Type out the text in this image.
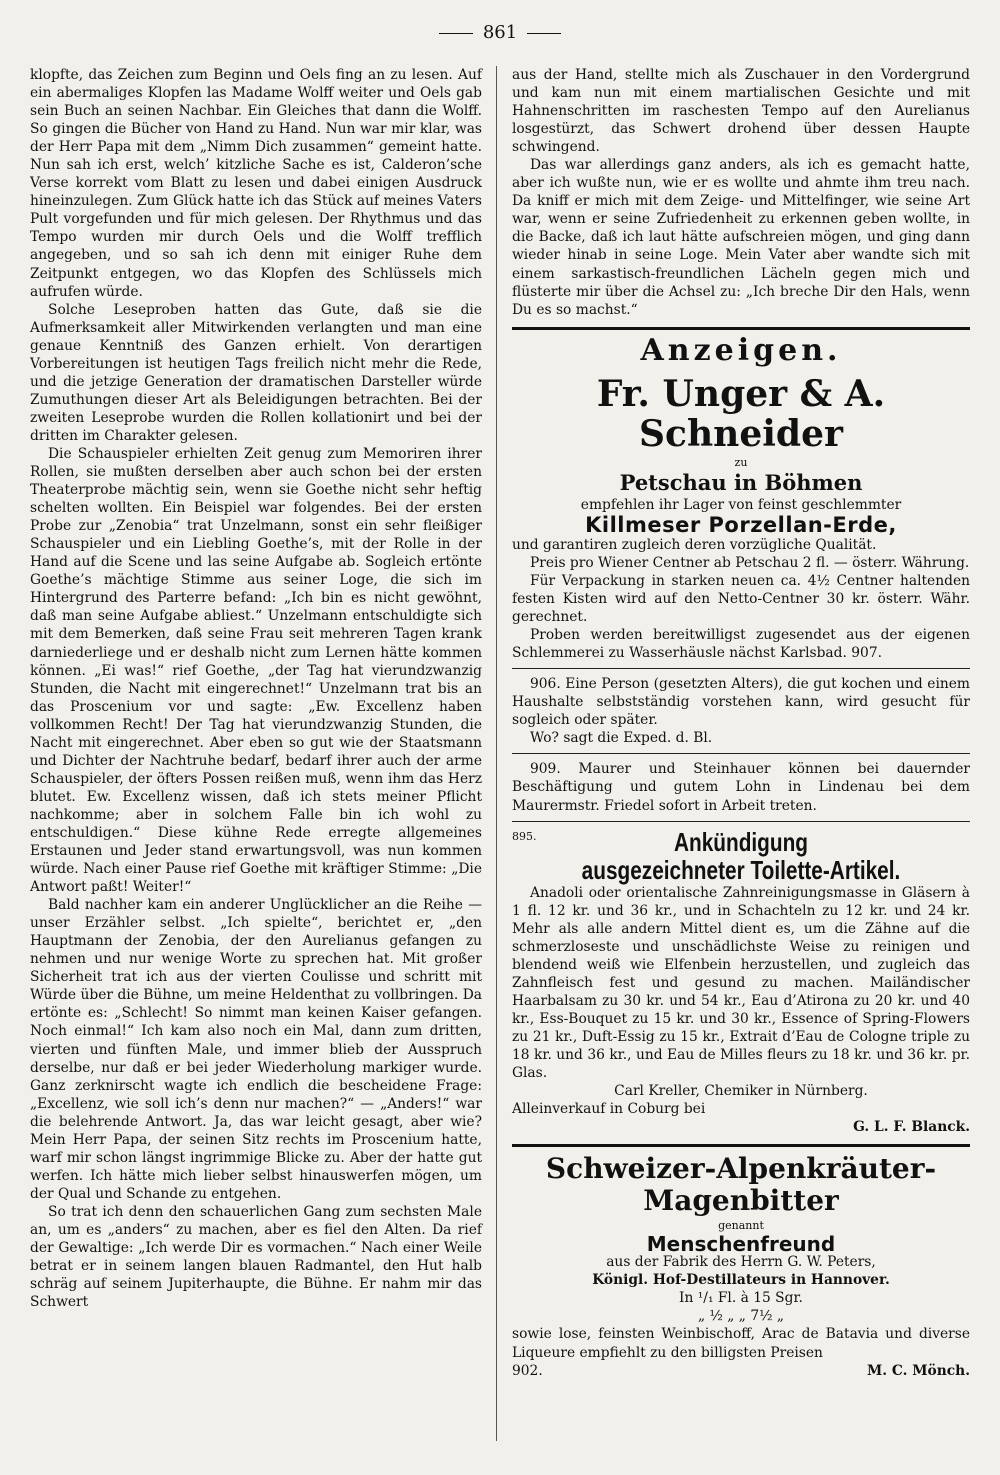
861

klopfte, das Zeichen zum Beginn und Oels fing an zu lesen. Auf ein abermaliges Klopfen las Madame Wolff weiter und Oels gab sein Buch an seinen Nachbar. Ein Gleiches that dann die Wolff. So gingen die Bücher von Hand zu Hand. Nun war mir klar, was der Herr Papa mit dem „Nimm Dich zusammen“ gemeint hatte. Nun sah ich erst, welch’ kitzliche Sache es ist, Calderon’sche Verse korrekt vom Blatt zu lesen und dabei einigen Ausdruck hineinzulegen. Zum Glück hatte ich das Stück auf meines Vaters Pult vorgefunden und für mich gelesen. Der Rhythmus und das Tempo wurden mir durch Oels und die Wolff trefflich angegeben, und so sah ich denn mit einiger Ruhe dem Zeitpunkt entgegen, wo das Klopfen des Schlüssels mich aufrufen würde.

Solche Leseproben hatten das Gute, daß sie die Aufmerksamkeit aller Mitwirkenden verlangten und man eine genaue Kenntniß des Ganzen erhielt. Von derartigen Vorbereitungen ist heutigen Tags freilich nicht mehr die Rede, und die jetzige Generation der dramatischen Darsteller würde Zumuthungen dieser Art als Beleidigungen betrachten. Bei der zweiten Leseprobe wurden die Rollen kollationirt und bei der dritten im Charakter gelesen.

Die Schauspieler erhielten Zeit genug zum Memoriren ihrer Rollen, sie mußten derselben aber auch schon bei der ersten Theaterprobe mächtig sein, wenn sie Goethe nicht sehr heftig schelten wollten. Ein Beispiel war folgendes. Bei der ersten Probe zur „Zenobia“ trat Unzelmann, sonst ein sehr fleißiger Schauspieler und ein Liebling Goethe’s, mit der Rolle in der Hand auf die Scene und las seine Aufgabe ab. Sogleich ertönte Goethe’s mächtige Stimme aus seiner Loge, die sich im Hintergrund des Parterre befand: „Ich bin es nicht gewöhnt, daß man seine Aufgabe abliest.“ Unzelmann entschuldigte sich mit dem Bemerken, daß seine Frau seit mehreren Tagen krank darniederliege und er deshalb nicht zum Lernen hätte kommen können. „Ei was!“ rief Goethe, „der Tag hat vierundzwanzig Stunden, die Nacht mit eingerechnet!“ Unzelmann trat bis an das Proscenium vor und sagte: „Ew. Excellenz haben vollkommen Recht! Der Tag hat vierundzwanzig Stunden, die Nacht mit eingerechnet. Aber eben so gut wie der Staatsmann und Dichter der Nachtruhe bedarf, bedarf ihrer auch der arme Schauspieler, der öfters Possen reißen muß, wenn ihm das Herz blutet. Ew. Excellenz wissen, daß ich stets meiner Pflicht nachkomme; aber in solchem Falle bin ich wohl zu entschuldigen.“ Diese kühne Rede erregte allgemeines Erstaunen und Jeder stand erwartungsvoll, was nun kommen würde. Nach einer Pause rief Goethe mit kräftiger Stimme: „Die Antwort paßt! Weiter!“

Bald nachher kam ein anderer Unglücklicher an die Reihe — unser Erzähler selbst. „Ich spielte“, berichtet er, „den Hauptmann der Zenobia, der den Aurelianus gefangen zu nehmen und nur wenige Worte zu sprechen hat. Mit großer Sicherheit trat ich aus der vierten Coulisse und schritt mit Würde über die Bühne, um meine Heldenthat zu vollbringen. Da ertönte es: „Schlecht! So nimmt man keinen Kaiser gefangen. Noch einmal!“ Ich kam also noch ein Mal, dann zum dritten, vierten und fünften Male, und immer blieb der Ausspruch derselbe, nur daß er bei jeder Wiederholung markiger wurde. Ganz zerknirscht wagte ich endlich die bescheidene Frage: „Excellenz, wie soll ich’s denn nur machen?“ — „Anders!“ war die belehrende Antwort. Ja, das war leicht gesagt, aber wie? Mein Herr Papa, der seinen Sitz rechts im Proscenium hatte, warf mir schon längst ingrimmige Blicke zu. Aber der hatte gut werfen. Ich hätte mich lieber selbst hinauswerfen mögen, um der Qual und Schande zu entgehen.

So trat ich denn den schauerlichen Gang zum sechsten Male an, um es „anders“ zu machen, aber es fiel den Alten. Da rief der Gewaltige: „Ich werde Dir es vormachen.“ Nach einer Weile betrat er in seinem langen blauen Radmantel, den Hut halb schräg auf seinem Jupiterhaupte, die Bühne. Er nahm mir das Schwert

aus der Hand, stellte mich als Zuschauer in den Vordergrund und kam nun mit einem martialischen Gesichte und mit Hahnenschritten im raschesten Tempo auf den Aurelianus losgestürzt, das Schwert drohend über dessen Haupte schwingend.

Das war allerdings ganz anders, als ich es gemacht hatte, aber ich wußte nun, wie er es wollte und ahmte ihm treu nach. Da kniff er mich mit dem Zeige- und Mittelfinger, wie seine Art war, wenn er seine Zufriedenheit zu erkennen geben wollte, in die Backe, daß ich laut hätte aufschreien mögen, und ging dann wieder hinab in seine Loge. Mein Vater aber wandte sich mit einem sarkastisch-freundlichen Lächeln gegen mich und flüsterte mir über die Achsel zu: „Ich breche Dir den Hals, wenn Du es so machst.“

Anzeigen.
Fr. Unger & A. Schneider
zu
Petschau in Böhmen

empfehlen ihr Lager von feinst geschlemmter

Killmeser Porzellan-Erde,

und garantiren zugleich deren vorzügliche Qualität.

Preis pro Wiener Centner ab Petschau 2 fl. — österr. Währung.

Für Verpackung in starken neuen ca. 4½ Centner haltenden festen Kisten wird auf den Netto-Centner 30 kr. österr. Währ. gerechnet.

Proben werden bereitwilligst zugesendet aus der eigenen Schlemmerei zu Wasserhäusle nächst Karlsbad. 907.

906. Eine Person (gesetzten Alters), die gut kochen und einem Haushalte selbstständig vorstehen kann, wird gesucht für sogleich oder später.

Wo? sagt die Exped. d. Bl.

909. Maurer und Steinhauer können bei dauernder Beschäftigung und gutem Lohn in Lindenau bei dem Maurermstr. Friedel sofort in Arbeit treten.

895.	Ankündigung
ausgezeichneter Toilette-Artikel.

Anadoli oder orientalische Zahnreinigungsmasse in Gläsern à 1 fl. 12 kr. und 36 kr., und in Schachteln zu 12 kr. und 24 kr. Mehr als alle andern Mittel dient es, um die Zähne auf die schmerzloseste und unschädlichste Weise zu reinigen und blendend weiß wie Elfenbein herzustellen, und zugleich das Zahnfleisch fest und gesund zu machen. Mailändischer Haarbalsam zu 30 kr. und 54 kr., Eau d’Atirona zu 20 kr. und 40 kr., Ess-Bouquet zu 15 kr. und 30 kr., Essence of Spring-Flowers zu 21 kr., Duft-Essig zu 15 kr., Extrait d’Eau de Cologne triple zu 18 kr. und 36 kr., und Eau de Milles fleurs zu 18 kr. und 36 kr. pr. Glas.

Carl Kreller, Chemiker in Nürnberg.

Alleinverkauf in Coburg bei

G. L. F. Blanck.
Schweizer-Alpenkräuter-Magenbitter
genannt
Menschenfreund

aus der Fabrik des Herrn G. W. Peters,

Königl. Hof-Destillateurs in Hannover.

In ¹/₁ Fl. à 15 Sgr.

„ ½ „ „ 7½ „

sowie lose, feinsten Weinbischoff, Arac de Batavia und diverse Liqueure empfiehlt zu den billigsten Preisen

902.	M. C. Mönch.
